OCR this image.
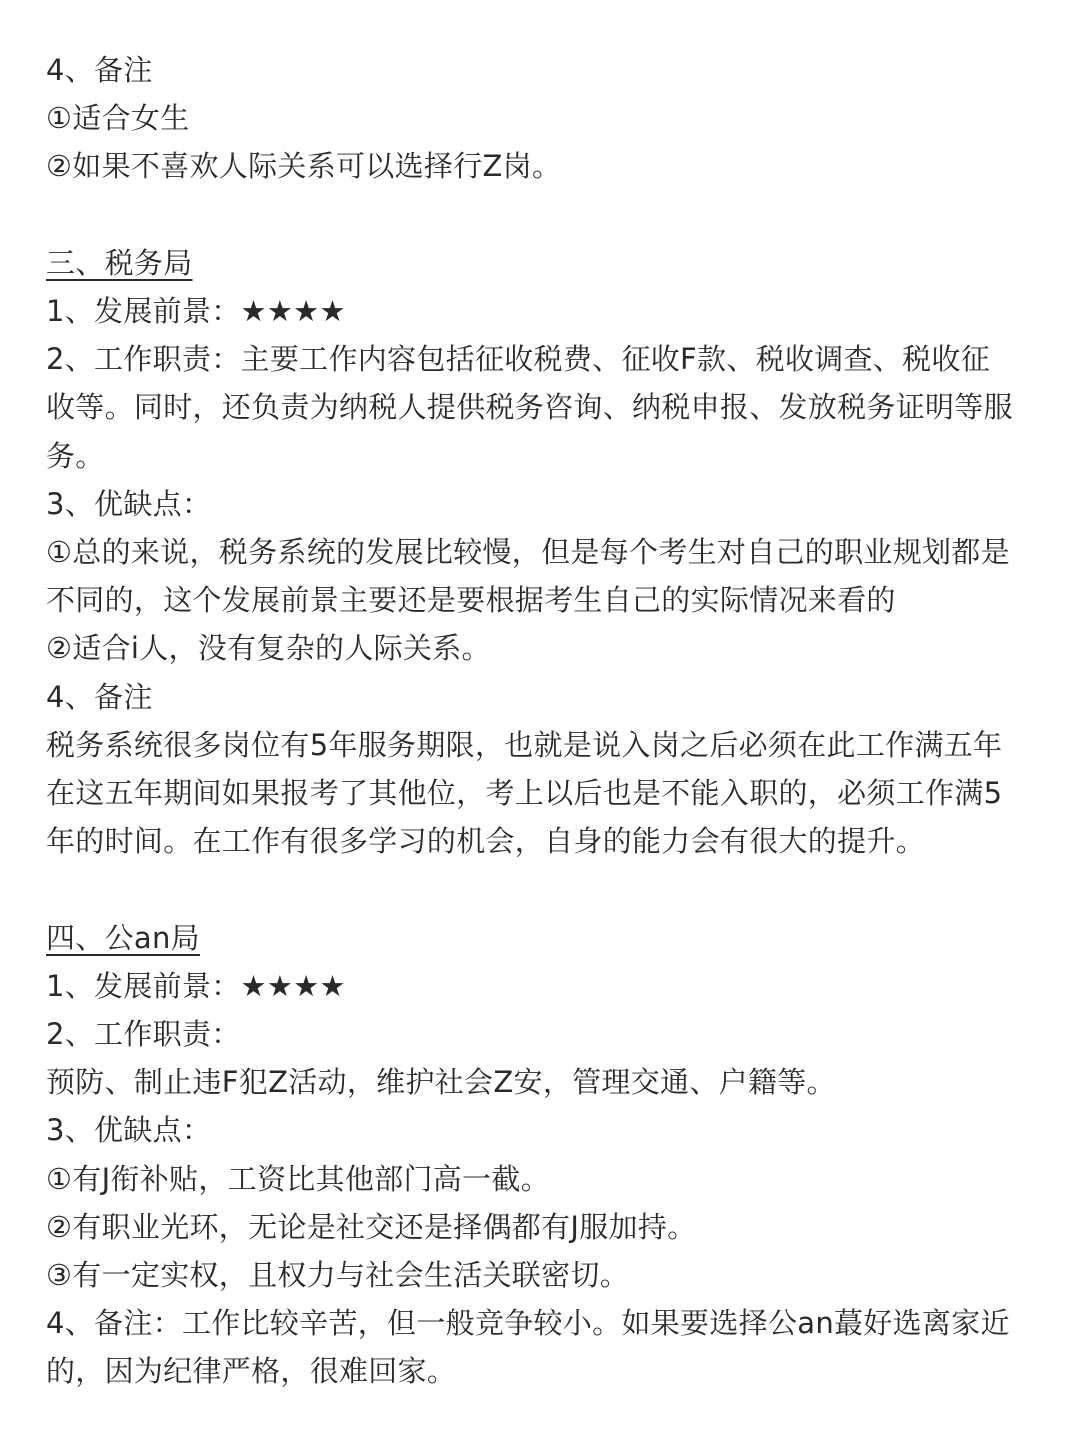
4、备注

①适合女生

②如果不喜欢人际关系可以选择行Z岗。

三、税务局

1、发展前景：★★★★

2、工作职责：主要工作内容包括征收税费、征收F款、税收调查、税收征

收等。同时，还负责为纳税人提供税务咨询、纳税申报、发放税务证明等服

务。

3、优缺点：

①总的来说，税务系统的发展比较慢，但是每个考生对自己的职业规划都是

不同的，这个发展前景主要还是要根据考生自己的实际情况来看的

②适合i人，没有复杂的人际关系。

4、备注

税务系统很多岗位有5年服务期限，也就是说入岗之后必须在此工作满五年

在这五年期间如果报考了其他位，考上以后也是不能入职的，必须工作满5

年的时间。在工作有很多学习的机会，自身的能力会有很大的提升。

四、公an局

1、发展前景：★★★★

2、工作职责：

预防、制止违F犯Z活动，维护社会Z安，管理交通、户籍等。

3、优缺点：

①有J衔补贴，工资比其他部门高一截。

②有职业光环，无论是社交还是择偶都有J服加持。

③有一定实权，且权力与社会生活关联密切。

4、备注：工作比较辛苦，但一般竞争较小。如果要选择公an蕞好选离家近

的，因为纪律严格，很难回家。
